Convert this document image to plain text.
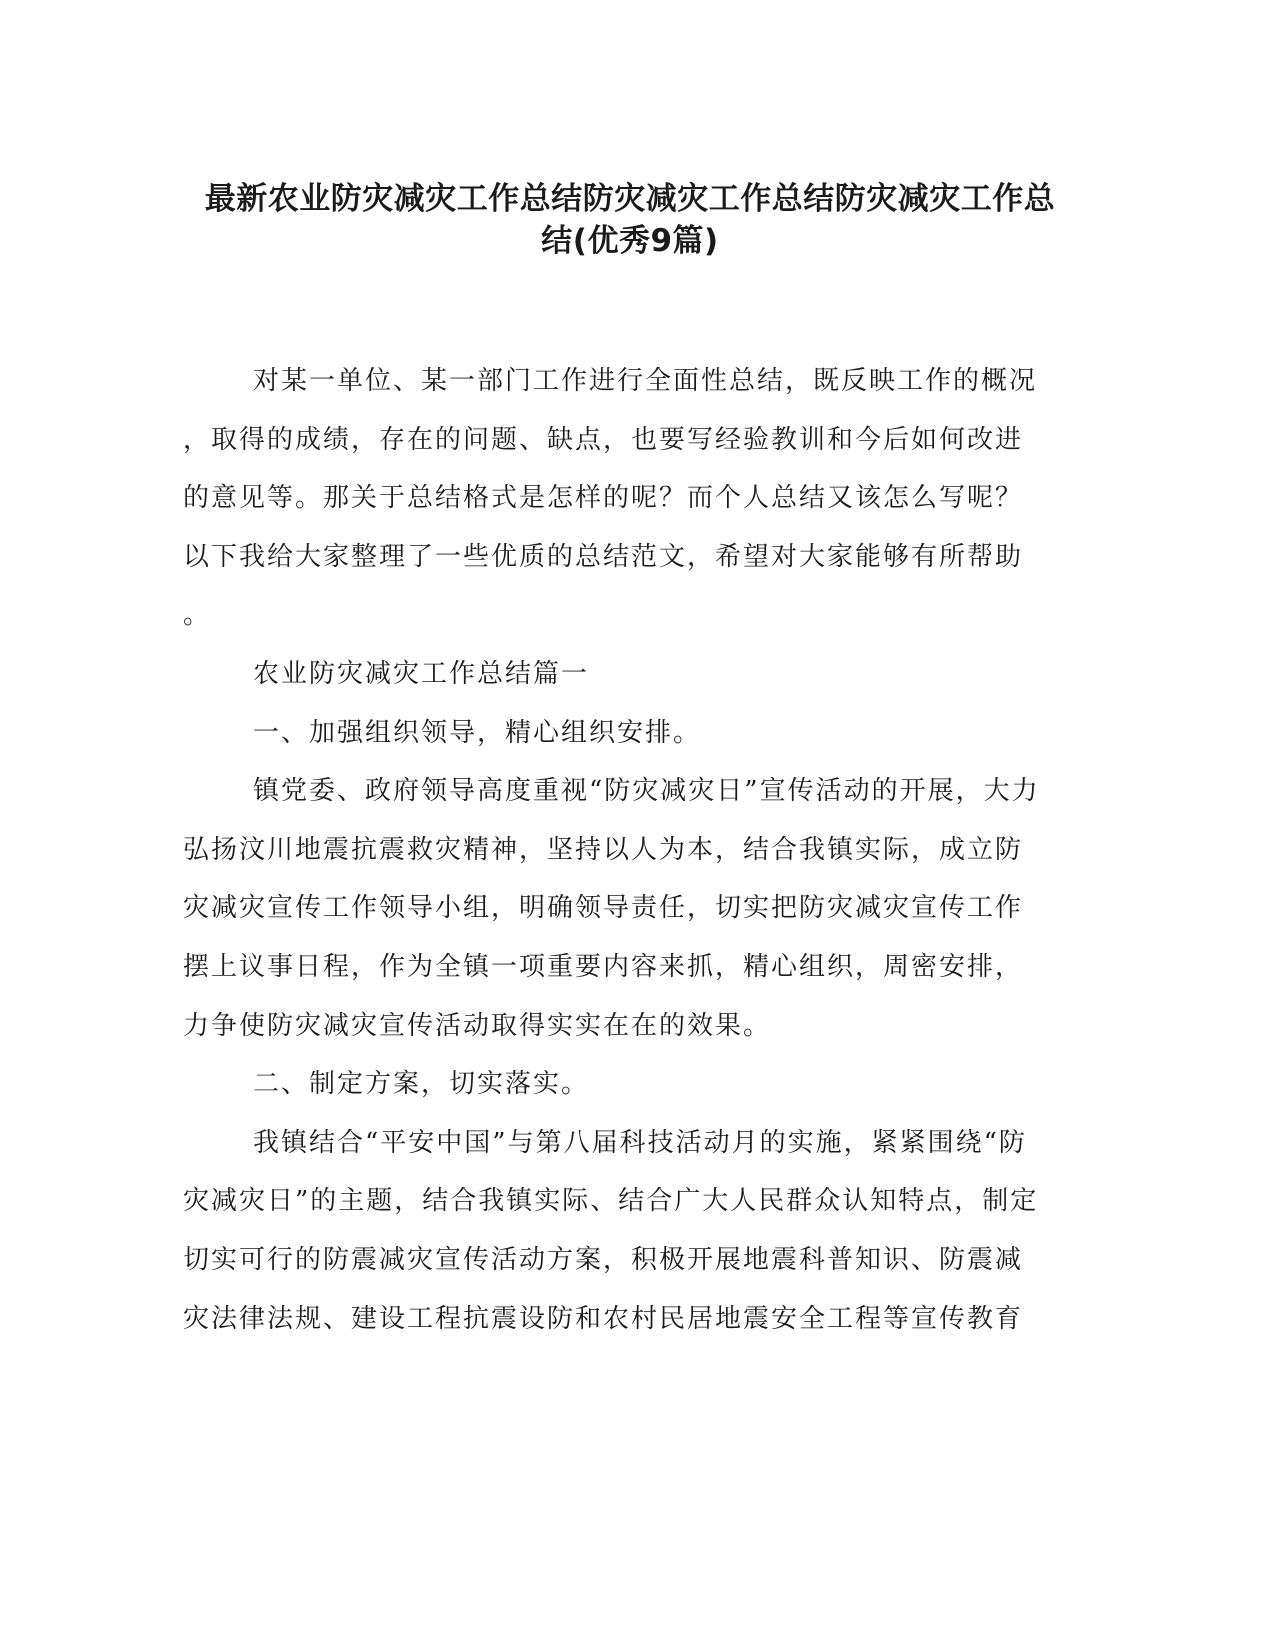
最新农业防灾减灾工作总结防灾减灾工作总结防灾减灾工作总
结(优秀9篇)

对某一单位、某一部门工作进行全面性总结，既反映工作的概况
，取得的成绩，存在的问题、缺点，也要写经验教训和今后如何改进
的意见等。那关于总结格式是怎样的呢？而个人总结又该怎么写呢？
以下我给大家整理了一些优质的总结范文，希望对大家能够有所帮助
。

农业防灾减灾工作总结篇一

一、加强组织领导，精心组织安排。

镇党委、政府领导高度重视“防灾减灾日”宣传活动的开展，大力
弘扬汶川地震抗震救灾精神，坚持以人为本，结合我镇实际，成立防
灾减灾宣传工作领导小组，明确领导责任，切实把防灾减灾宣传工作
摆上议事日程，作为全镇一项重要内容来抓，精心组织，周密安排，
力争使防灾减灾宣传活动取得实实在在的效果。

二、制定方案，切实落实。

我镇结合“平安中国”与第八届科技活动月的实施，紧紧围绕“防
灾减灾日”的主题，结合我镇实际、结合广大人民群众认知特点，制定
切实可行的防震减灾宣传活动方案，积极开展地震科普知识、防震减
灾法律法规、建设工程抗震设防和农村民居地震安全工程等宣传教育
